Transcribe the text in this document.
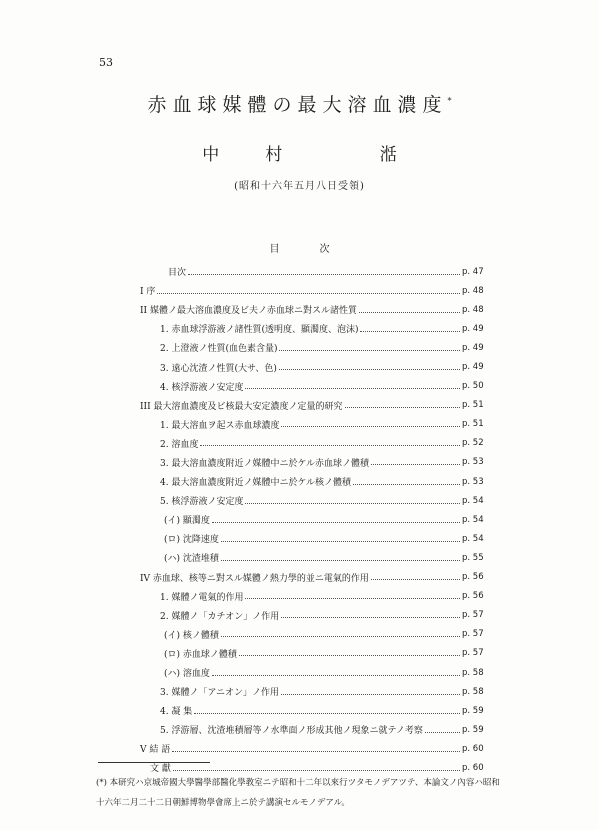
53
赤血球媒體の最大溶血濃度*
中村 湉
(昭和十六年五月八日受領)
目次
目次	p. 47
I 序	p. 48
II 媒體ノ最大溶血濃度及ビ夫ノ赤血球ニ對スル諸性質	p. 48
1. 赤血球浮游液ノ諸性質(透明度、顯濁度、泡沫)	p. 49
2. 上澄液ノ性質(血色素含量)	p. 49
3. 遠心沈渣ノ性質(大サ、色)	p. 49
4. 核浮游液ノ安定度	p. 50
III 最大溶血濃度及ビ核最大安定濃度ノ定量的研究	p. 51
1. 最大溶血ヲ起ス赤血球濃度	p. 51
2. 溶血度	p. 52
3. 最大溶血濃度附近ノ媒體中ニ於ケル赤血球ノ體積	p. 53
4. 最大溶血濃度附近ノ媒體中ニ於ケル核ノ體積	p. 53
5. 核浮游液ノ安定度	p. 54
(イ) 顯濁度	p. 54
(ロ) 沈降速度	p. 54
(ハ) 沈渣堆積	p. 55
IV 赤血球、核等ニ對スル媒體ノ熱力學的並ニ電氣的作用	p. 56
1. 媒體ノ電氣的作用	p. 56
2. 媒體ノ「カチオン」ノ作用	p. 57
(イ) 核ノ體積	p. 57
(ロ) 赤血球ノ體積	p. 57
(ハ) 溶血度	p. 58
3. 媒體ノ「アニオン」ノ作用	p. 58
4. 凝 集	p. 59
5. 浮游層、沈渣堆積層等ノ水準面ノ形成其他ノ現象ニ就テノ考察	p. 59
V 結 語	p. 60
文 獻	p. 60

(*) 本研究ハ京城帝國大學醫學部醫化學教室ニテ昭和十二年以來行ツタモノデアツテ、本論文ノ內容ハ昭和

十六年二月二十二日朝鮮博物學會席上ニ於テ講演セルモノデアル。
